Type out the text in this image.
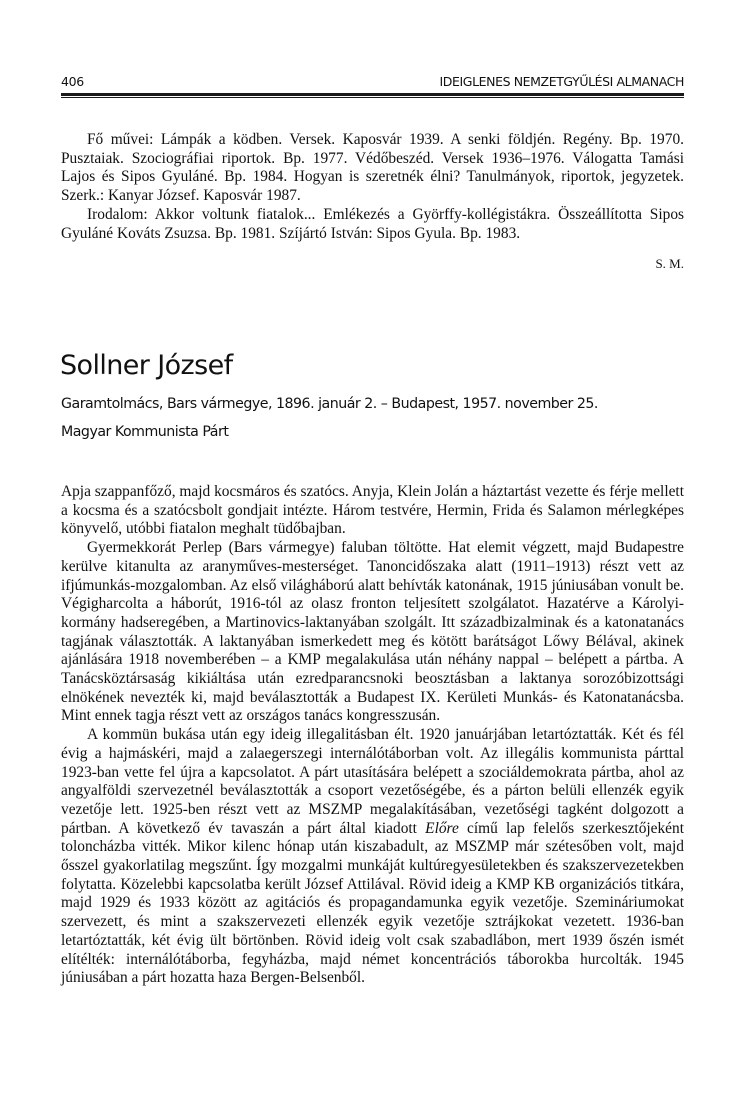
406	IDEIGLENES NEMZETGYŰLÉSI ALMANACH

Fő művei: Lámpák a ködben. Versek. Kaposvár 1939. A senki földjén. Regény. Bp. 1970. Pusztaiak. Szociográfiai riportok. Bp. 1977. Védőbeszéd. Versek 1936–1976. Válogatta Tamási Lajos és Sipos Gyuláné. Bp. 1984. Hogyan is szeretnék élni? Tanulmányok, riportok, jegyzetek. Szerk.: Kanyar József. Kaposvár 1987.

Irodalom: Akkor voltunk fiatalok... Emlékezés a Györffy-kollégistákra. Összeállította Sipos Gyuláné Kováts Zsuzsa. Bp. 1981. Szíjártó István: Sipos Gyula. Bp. 1983.

S. M.
Sollner József
Garamtolmács, Bars vármegye, 1896. január 2. – Budapest, 1957. november 25.
Magyar Kommunista Párt

Apja szappanfőző, majd kocsmáros és szatócs. Anyja, Klein Jolán a háztartást vezette és férje mellett a kocsma és a szatócsbolt gondjait intézte. Három testvére, Hermin, Frida és Salamon mérlegképes könyvelő, utóbbi fiatalon meghalt tüdőbajban.

Gyermekkorát Perlep (Bars vármegye) faluban töltötte. Hat elemit végzett, majd Budapestre kerülve kitanulta az aranyműves-mesterséget. Tanoncidőszaka alatt (1911–1913) részt vett az ifjúmunkás-mozgalomban. Az első világháború alatt behívták katonának, 1915 júniusában vonult be. Végigharcolta a háborút, 1916-tól az olasz fronton teljesített szolgálatot. Hazatérve a Károlyi-kormány hadseregében, a Martinovics-laktanyában szolgált. Itt századbizalminak és a katonatanács tagjának választották. A laktanyában ismerkedett meg és kötött barátságot Lőwy Bélával, akinek ajánlására 1918 novemberében – a KMP megalakulása után néhány nappal – belépett a pártba. A Tanácsköztársaság kikiáltása után ezredparancsnoki beosztásban a laktanya sorozóbizottsági elnökének nevezték ki, majd beválasztották a Budapest IX. Kerületi Munkás- és Katonatanácsba. Mint ennek tagja részt vett az országos tanács kongresszusán.

A kommün bukása után egy ideig illegalitásban élt. 1920 januárjában letartóztatták. Két és fél évig a hajmáskéri, majd a zalaegerszegi internálótáborban volt. Az illegális kommunista párttal 1923-ban vette fel újra a kapcsolatot. A párt utasítására belépett a szociáldemokrata pártba, ahol az angyalföldi szervezetnél beválasztották a csoport vezetőségébe, és a párton belüli ellenzék egyik vezetője lett. 1925-ben részt vett az MSZMP megalakításában, vezetőségi tagként dolgozott a pártban. A következő év tavaszán a párt által kiadott Előre című lap felelős szerkesztőjeként toloncházba vitték. Mikor kilenc hónap után kiszabadult, az MSZMP már szétesőben volt, majd ősszel gyakorlatilag megszűnt. Így mozgalmi munkáját kultúregyesületekben és szakszervezetekben folytatta. Közelebbi kapcsolatba került József Attilával. Rövid ideig a KMP KB organizációs titkára, majd 1929 és 1933 között az agitációs és propagandamunka egyik vezetője. Szemináriumokat szervezett, és mint a szakszervezeti ellenzék egyik vezetője sztrájkokat vezetett. 1936-ban letartóztatták, két évig ült börtönben. Rövid ideig volt csak szabadlábon, mert 1939 őszén ismét elítélték: internálótáborba, fegyházba, majd német koncentrációs táborokba hurcolták. 1945 júniusában a párt hozatta haza Bergen-Belsenből.
